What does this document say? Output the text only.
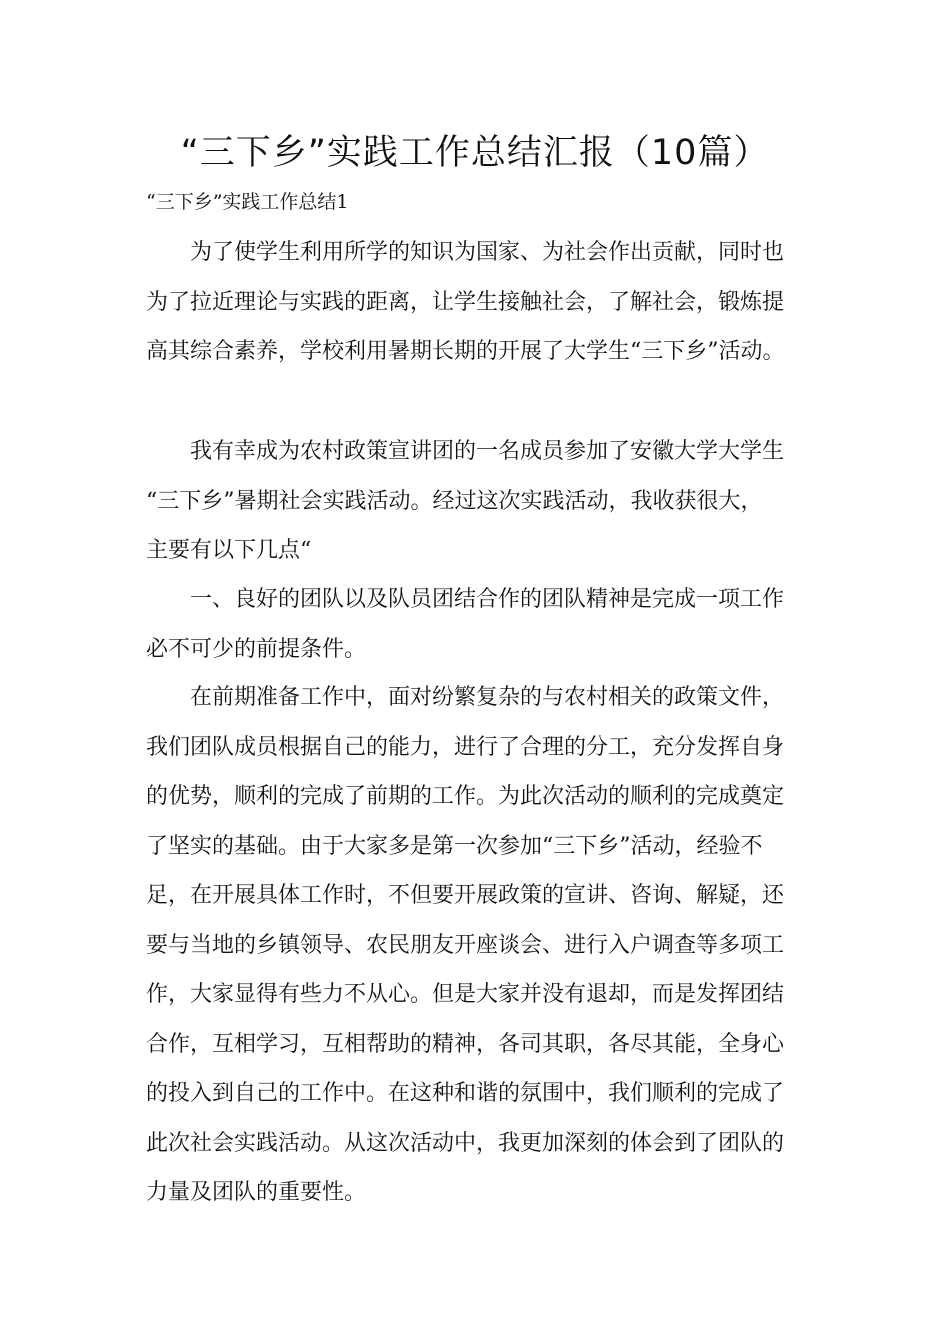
“三下乡”实践工作总结汇报（10篇）
“三下乡”实践工作总结1
为了使学生利用所学的知识为国家、为社会作出贡献，同时也
为了拉近理论与实践的距离，让学生接触社会，了解社会，锻炼提
高其综合素养，学校利用暑期长期的开展了大学生“三下乡”活动。
我有幸成为农村政策宣讲团的一名成员参加了安徽大学大学生
“三下乡”暑期社会实践活动。经过这次实践活动，我收获很大，
主要有以下几点“
一、良好的团队以及队员团结合作的团队精神是完成一项工作
必不可少的前提条件。
在前期准备工作中，面对纷繁复杂的与农村相关的政策文件，
我们团队成员根据自己的能力，进行了合理的分工，充分发挥自身
的优势，顺利的完成了前期的工作。为此次活动的顺利的完成奠定
了坚实的基础。由于大家多是第一次参加“三下乡”活动，经验不
足，在开展具体工作时，不但要开展政策的宣讲、咨询、解疑，还
要与当地的乡镇领导、农民朋友开座谈会、进行入户调查等多项工
作，大家显得有些力不从心。但是大家并没有退却，而是发挥团结
合作，互相学习，互相帮助的精神，各司其职，各尽其能，全身心
的投入到自己的工作中。在这种和谐的氛围中，我们顺利的完成了
此次社会实践活动。从这次活动中，我更加深刻的体会到了团队的
力量及团队的重要性。
